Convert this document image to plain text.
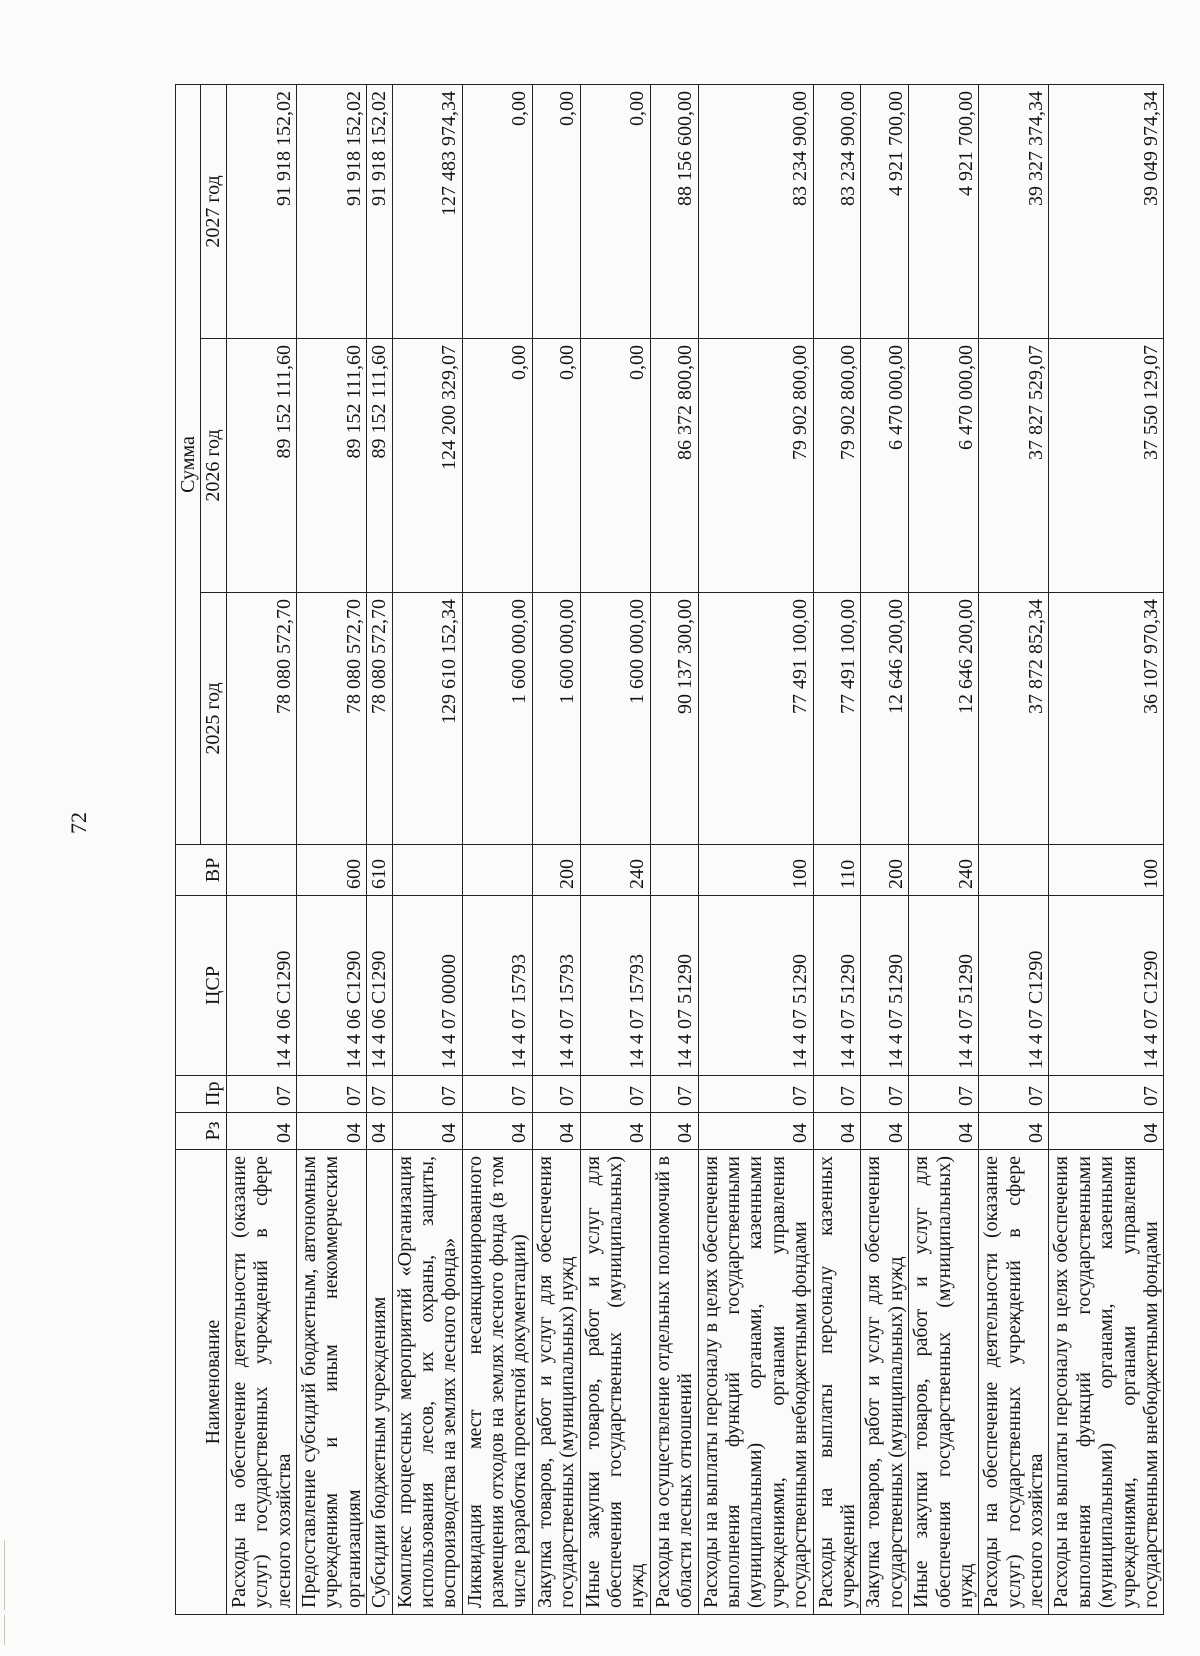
72
Наименование	Рз	Пр	ЦСР	ВР	Сумма		
					2025 год	2026 год	2027 год
Расходы на обеспечение деятельности (оказание услуг) государственных учреждений в сфере лесного хозяйства	04	07	14 4 06 C1290		78 080 572,70	89 152 111,60	91 918 152,02
Предоставление субсидий бюджетным, автономным учреждениям и иным некоммерческим организациям	04	07	14 4 06 C1290	600	78 080 572,70	89 152 111,60	91 918 152,02
Субсидии бюджетным учреждениям	04	07	14 4 06 C1290	610	78 080 572,70	89 152 111,60	91 918 152,02
Комплекс процессных мероприятий «Организация использования лесов, их охраны, защиты, воспроизводства на землях лесного фонда»	04	07	14 4 07 00000		129 610 152,34	124 200 329,07	127 483 974,34
Ликвидация мест несанкционированного размещения отходов на землях лесного фонда (в том числе разработка проектной документации)	04	07	14 4 07 15793		1 600 000,00	0,00	0,00
Закупка товаров, работ и услуг для обеспечения государственных (муниципальных) нужд	04	07	14 4 07 15793	200	1 600 000,00	0,00	0,00
Иные закупки товаров, работ и услуг для обеспечения государственных (муниципальных) нужд	04	07	14 4 07 15793	240	1 600 000,00	0,00	0,00
Расходы на осуществление отдельных полномочий в области лесных отношений	04	07	14 4 07 51290		90 137 300,00	86 372 800,00	88 156 600,00
Расходы на выплаты персоналу в целях обеспечения выполнения функций государственными (муниципальными) органами, казенными учреждениями, органами управления государственными внебюджетными фондами	04	07	14 4 07 51290	100	77 491 100,00	79 902 800,00	83 234 900,00
Расходы на выплаты персоналу казенных учреждений	04	07	14 4 07 51290	110	77 491 100,00	79 902 800,00	83 234 900,00
Закупка товаров, работ и услуг для обеспечения государственных (муниципальных) нужд	04	07	14 4 07 51290	200	12 646 200,00	6 470 000,00	4 921 700,00
Иные закупки товаров, работ и услуг для обеспечения государственных (муниципальных) нужд	04	07	14 4 07 51290	240	12 646 200,00	6 470 000,00	4 921 700,00
Расходы на обеспечение деятельности (оказание услуг) государственных учреждений в сфере лесного хозяйства	04	07	14 4 07 C1290		37 872 852,34	37 827 529,07	39 327 374,34
Расходы на выплаты персоналу в целях обеспечения выполнения функций государственными (муниципальными) органами, казенными учреждениями, органами управления государственными внебюджетными фондами	04	07	14 4 07 C1290	100	36 107 970,34	37 550 129,07	39 049 974,34
